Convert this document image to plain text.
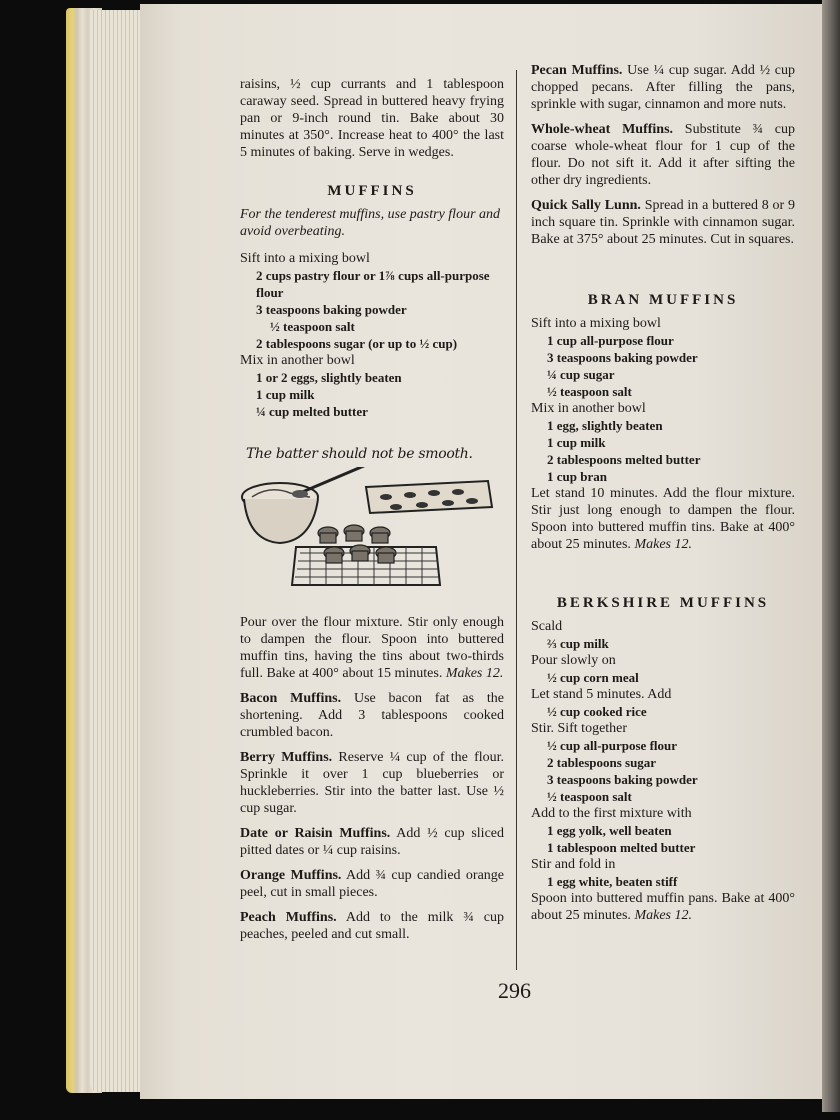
raisins, ½ cup currants and 1 tablespoon caraway seed. Spread in buttered heavy frying pan or 9-inch round tin. Bake about 30 minutes at 350°. Increase heat to 400° the last 5 minutes of baking. Serve in wedges.

MUFFINS
For the tenderest muffins, use pastry flour and avoid overbeating.
Sift into a mixing bowl
2 cups pastry flour or 1⅞ cups all-purpose flour
3 teaspoons baking powder
½ teaspoon salt
2 tablespoons sugar (or up to ½ cup)
Mix in another bowl
1 or 2 eggs, slightly beaten
1 cup milk
¼ cup melted butter
The batter should not be smooth.

Pour over the flour mixture. Stir only enough to dampen the flour. Spoon into buttered muffin tins, having the tins about two-thirds full. Bake at 400° about 15 minutes. Makes 12.

Bacon Muffins. Use bacon fat as the shortening. Add 3 tablespoons cooked crumbled bacon.

Berry Muffins. Reserve ¼ cup of the flour. Sprinkle it over 1 cup blueberries or huckleberries. Stir into the batter last. Use ½ cup sugar.

Date or Raisin Muffins. Add ½ cup sliced pitted dates or ¼ cup raisins.

Orange Muffins. Add ¾ cup candied orange peel, cut in small pieces.

Peach Muffins. Add to the milk ¾ cup peaches, peeled and cut small.

Pecan Muffins. Use ¼ cup sugar. Add ½ cup chopped pecans. After filling the pans, sprinkle with sugar, cinnamon and more nuts.

Whole-wheat Muffins. Substitute ¾ cup coarse whole-wheat flour for 1 cup of the flour. Do not sift it. Add it after sifting the other dry ingredients.

Quick Sally Lunn. Spread in a buttered 8 or 9 inch square tin. Sprinkle with cinnamon sugar. Bake at 375° about 25 minutes. Cut in squares.

BRAN MUFFINS
Sift into a mixing bowl
1 cup all-purpose flour
3 teaspoons baking powder
¼ cup sugar
½ teaspoon salt
Mix in another bowl
1 egg, slightly beaten
1 cup milk
2 tablespoons melted butter
1 cup bran

Let stand 10 minutes. Add the flour mixture. Stir just long enough to dampen the flour. Spoon into buttered muffin tins. Bake at 400° about 25 minutes. Makes 12.

BERKSHIRE MUFFINS
Scald
⅔ cup milk
Pour slowly on
½ cup corn meal
Let stand 5 minutes. Add
½ cup cooked rice
Stir. Sift together
½ cup all-purpose flour
2 tablespoons sugar
3 teaspoons baking powder
½ teaspoon salt
Add to the first mixture with
1 egg yolk, well beaten
1 tablespoon melted butter
Stir and fold in
1 egg white, beaten stiff

Spoon into buttered muffin pans. Bake at 400° about 25 minutes. Makes 12.

296
